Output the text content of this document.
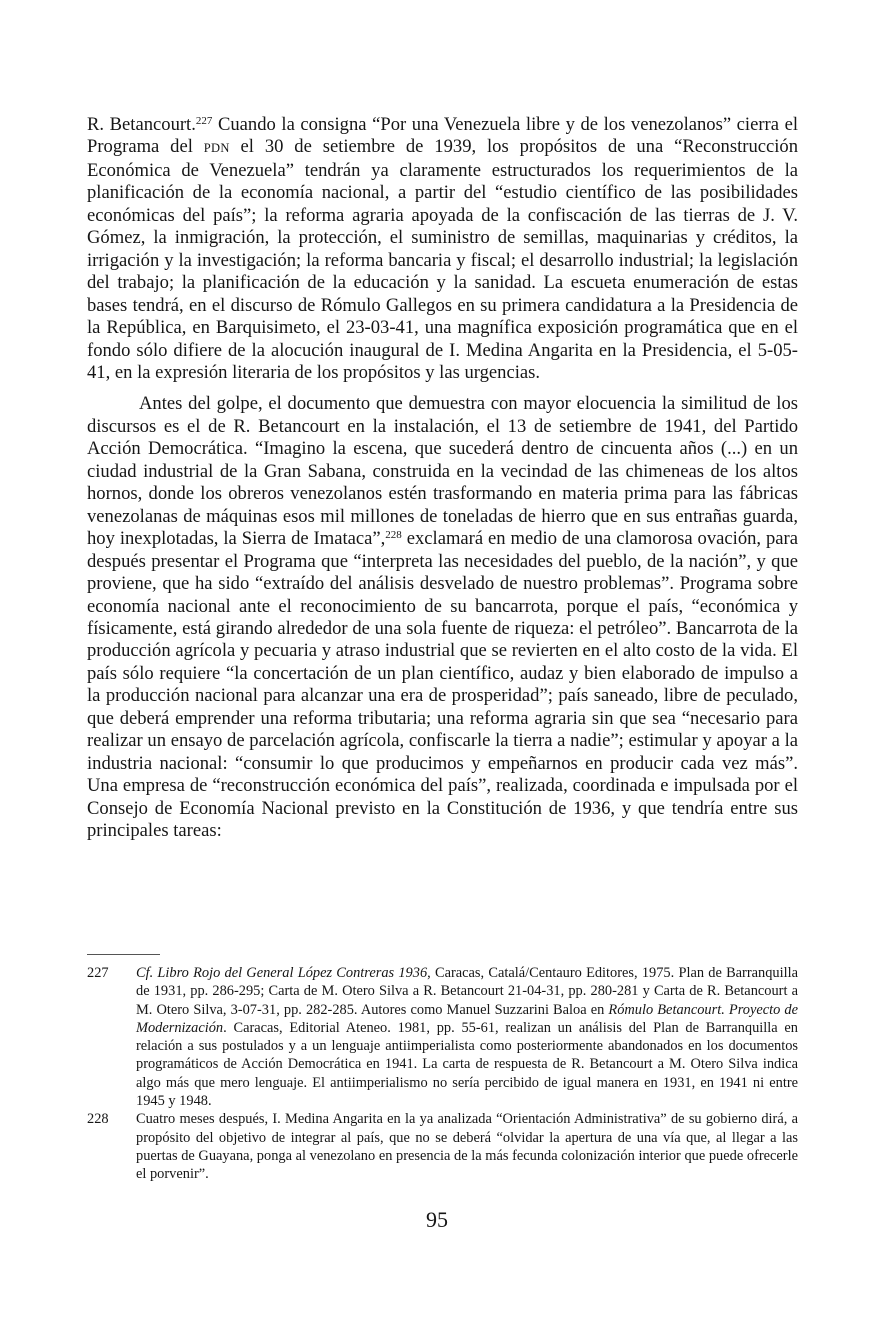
R. Betancourt.$^{227}$ Cuando la consigna “Por una Venezuela libre y de los venezolanos” cierra el Programa del PDN el 30 de setiembre de 1939, los propósitos de una “Reconstrucción Económica de Venezuela” tendrán ya claramente estructurados los requerimientos de la planificación de la economía nacional, a partir del “estudio científico de las posibilidades económicas del país”; la reforma agraria apoyada de la confiscación de las tierras de J. V. Gómez, la inmigración, la protección, el suministro de semillas, maquinarias y créditos, la irrigación y la investigación; la reforma bancaria y fiscal; el desarrollo industrial; la legislación del trabajo; la planificación de la educación y la sanidad. La escueta enumeración de estas bases tendrá, en el discurso de Rómulo Gallegos en su primera candidatura a la Presidencia de la República, en Barquisimeto, el 23-03-41, una magnífica exposición programática que en el fondo sólo difiere de la alocución inaugural de I. Medina Angarita en la Presidencia, el 5-05-41, en la expresión literaria de los propósitos y las urgencias.

Antes del golpe, el documento que demuestra con mayor elocuencia la similitud de los discursos es el de R. Betancourt en la instalación, el 13 de setiembre de 1941, del Partido Acción Democrática. “Imagino la escena, que sucederá dentro de cincuenta años (...) en un ciudad industrial de la Gran Sabana, construida en la vecindad de las chimeneas de los altos hornos, donde los obreros venezolanos estén trasformando en materia prima para las fábricas venezolanas de máquinas esos mil millones de toneladas de hierro que en sus entrañas guarda, hoy inexplotadas, la Sierra de Imataca”,$^{228}$ exclamará en medio de una clamorosa ovación, para después presentar el Programa que “interpreta las necesidades del pueblo, de la nación”, y que proviene, que ha sido “extraído del análisis desvelado de nuestro problemas”. Programa sobre economía nacional ante el reconocimiento de su bancarrota, porque el país, “económica y físicamente, está girando alrededor de una sola fuente de riqueza: el petróleo”. Bancarrota de la producción agrícola y pecuaria y atraso industrial que se revierten en el alto costo de la vida. El país sólo requiere “la concertación de un plan científico, audaz y bien elaborado de impulso a la producción nacional para alcanzar una era de prosperidad”; país saneado, libre de peculado, que deberá emprender una reforma tributaria; una reforma agraria sin que sea “necesario para realizar un ensayo de parcelación agrícola, confiscarle la tierra a nadie”; estimular y apoyar a la industria nacional: “consumir lo que producimos y empeñarnos en producir cada vez más”. Una empresa de “reconstrucción económica del país”, realizada, coordinada e impulsada por el Consejo de Economía Nacional previsto en la Constitución de 1936, y que tendría entre sus principales tareas:

227 Cf. Libro Rojo del General López Contreras 1936, Caracas, Catalá/Centauro Editores, 1975. Plan de Barranquilla de 1931, pp. 286-295; Carta de M. Otero Silva a R. Betancourt 21-04-31, pp. 280-281 y Carta de R. Betancourt a M. Otero Silva, 3-07-31, pp. 282-285. Autores como Manuel Suzzarini Baloa en Rómulo Betancourt. Proyecto de Modernización. Caracas, Editorial Ateneo. 1981, pp. 55-61, realizan un análisis del Plan de Barranquilla en relación a sus postulados y a un lenguaje antiimperialista como posteriormente abandonados en los documentos programáticos de Acción Democrática en 1941. La carta de respuesta de R. Betancourt a M. Otero Silva indica algo más que mero lenguaje. El antiimperialismo no sería percibido de igual manera en 1931, en 1941 ni entre 1945 y 1948.
228 Cuatro meses después, I. Medina Angarita en la ya analizada “Orientación Administrativa” de su gobierno dirá, a propósito del objetivo de integrar al país, que no se deberá “olvidar la apertura de una vía que, al llegar a las puertas de Guayana, ponga al venezolano en presencia de la más fecunda colonización interior que puede ofrecerle el porvenir”.
95
